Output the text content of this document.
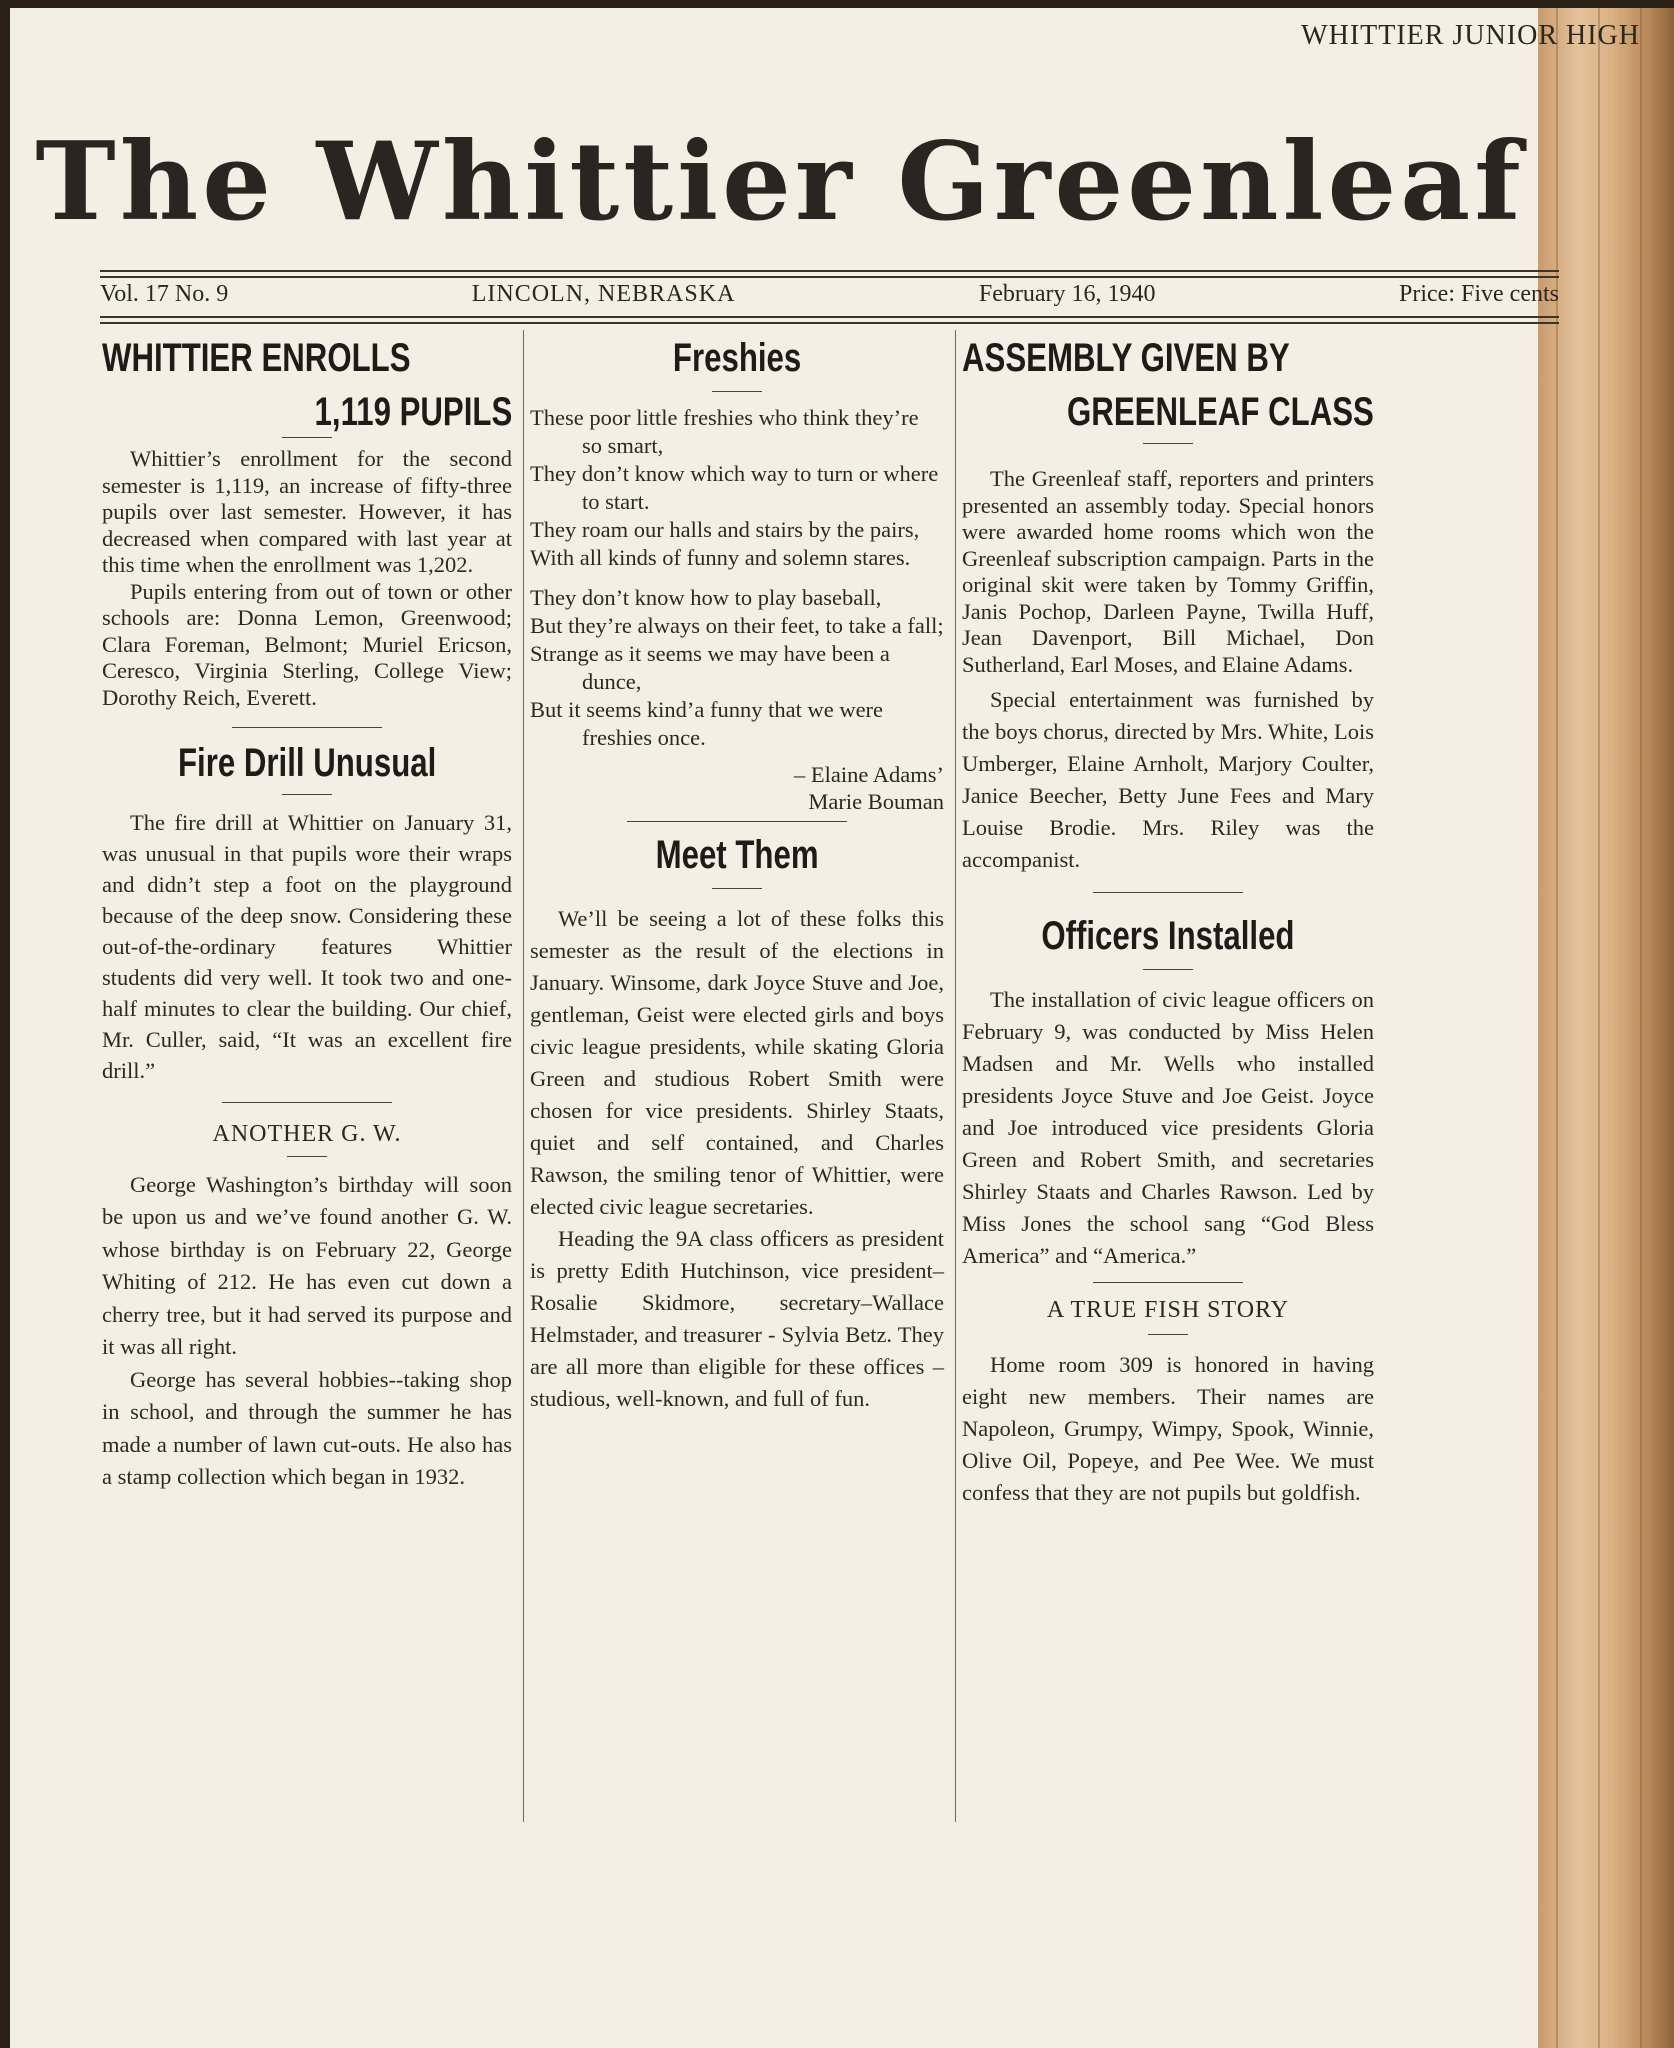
WHITTIER JUNIOR HIGH
The Whittier Greenleaf
Vol. 17 No. 9	LINCOLN, NEBRASKA	February 16, 1940	Price: Five cents
WHITTIER ENROLLS
1,119 PUPILS

Whittier’s enrollment for the second semester is 1,119, an increase of fifty-three pupils over last semester. However, it has decreased when compared with last year at this time when the enrollment was 1,202.

Pupils entering from out of town or other schools are: Donna Lemon, Greenwood; Clara Foreman, Belmont; Muriel Ericson, Ceresco, Virginia Sterling, College View; Dorothy Reich, Everett.

Fire Drill Unusual

The fire drill at Whittier on January 31, was unusual in that pupils wore their wraps and didn’t step a foot on the playground because of the deep snow. Considering these out-of-the-ordinary features Whittier students did very well. It took two and one-half minutes to clear the building. Our chief, Mr. Culler, said, “It was an excellent fire drill.”

ANOTHER G. W.

George Washington’s birthday will soon be upon us and we’ve found another G. W. whose birthday is on February 22, George Whiting of 212. He has even cut down a cherry tree, but it had served its purpose and it was all right.

George has several hobbies--taking shop in school, and through the summer he has made a number of lawn cut-outs. He also has a stamp collection which began in 1932.

Freshies

These poor little freshies who think they’re so smart,

They don’t know which way to turn or where to start.

They roam our halls and stairs by the pairs,

With all kinds of funny and solemn stares.

They don’t know how to play baseball,

But they’re always on their feet, to take a fall;

Strange as it seems we may have been a dunce,

But it seems kind’a funny that we were freshies once.

– Elaine Adams’

Marie Bouman

Meet Them

We’ll be seeing a lot of these folks this semester as the result of the elections in January. Winsome, dark Joyce Stuve and Joe, gentleman, Geist were elected girls and boys civic league presidents, while skating Gloria Green and studious Robert Smith were chosen for vice presidents. Shirley Staats, quiet and self contained, and Charles Rawson, the smiling tenor of Whittier, were elected civic league secretaries.

Heading the 9A class officers as president is pretty Edith Hutchinson, vice president–Rosalie Skidmore, secretary–Wallace Helmstader, and treasurer - Sylvia Betz. They are all more than eligible for these offices – studious, well-known, and full of fun.

ASSEMBLY GIVEN BY
GREENLEAF CLASS

The Greenleaf staff, reporters and printers presented an assembly today. Special honors were awarded home rooms which won the Greenleaf subscription campaign. Parts in the original skit were taken by Tommy Griffin, Janis Pochop, Darleen Payne, Twilla Huff, Jean Davenport, Bill Michael, Don Sutherland, Earl Moses, and Elaine Adams.

Special entertainment was furnished by the boys chorus, directed by Mrs. White, Lois Umberger, Elaine Arnholt, Marjory Coulter, Janice Beecher, Betty June Fees and Mary Louise Brodie. Mrs. Riley was the accompanist.

Officers Installed

The installation of civic league officers on February 9, was conducted by Miss Helen Madsen and Mr. Wells who installed presidents Joyce Stuve and Joe Geist. Joyce and Joe introduced vice presidents Gloria Green and Robert Smith, and secretaries Shirley Staats and Charles Rawson. Led by Miss Jones the school sang “God Bless America” and “America.”

A TRUE FISH STORY

Home room 309 is honored in having eight new members. Their names are Napoleon, Grumpy, Wimpy, Spook, Winnie, Olive Oil, Popeye, and Pee Wee. We must confess that they are not pupils but goldfish.
